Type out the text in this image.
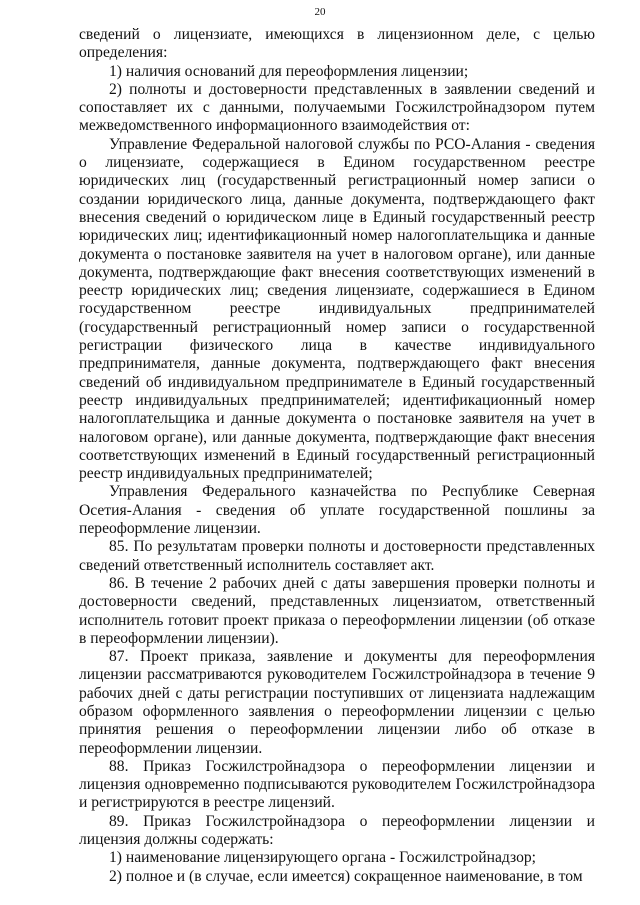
20

сведений о лицензиате, имеющихся в лицензионном деле, с целью определения:

1) наличия оснований для переоформления лицензии;

2) полноты и достоверности представленных в заявлении сведений и сопоставляет их с данными, получаемыми Госжилстройнадзором путем межведомственного информационного взаимодействия от:

Управление Федеральной налоговой службы по РСО-Алания - сведения о лицензиате, содержащиеся в Едином государственном реестре юридических лиц (государственный регистрационный номер записи о создании юридического лица, данные документа, подтверждающего факт внесения сведений о юридическом лице в Единый государственный реестр юридических лиц; идентификационный номер налогоплательщика и данные документа о постановке заявителя на учет в налоговом органе), или данные документа, подтверждающие факт внесения соответствующих изменений в реестр юридических лиц; сведения лицензиате, содержашиеся в Едином государственном реестре индивидуальных предпринимателей (государственный регистрационный номер записи о государственной регистрации физического лица в качестве индивидуального предпринимателя, данные документа, подтверждающего факт внесения сведений об индивидуальном предпринимателе в Единый государственный реестр индивидуальных предпринимателей; идентификационный номер налогоплательщика и данные документа о постановке заявителя на учет в налоговом органе), или данные документа, подтверждающие факт внесения соответствующих изменений в Единый государственный регистрационный реестр индивидуальных предпринимателей;

Управления Федерального казначейства по Республике Северная Осетия-Алания - сведения об уплате государственной пошлины за переоформление лицензии.

85. По результатам проверки полноты и достоверности представленных сведений ответственный исполнитель составляет акт.

86. В течение 2 рабочих дней с даты завершения проверки полноты и достоверности сведений, представленных лицензиатом, ответственный исполнитель готовит проект приказа о переоформлении лицензии (об отказе в переоформлении лицензии).

87. Проект приказа, заявление и документы для переоформления лицензии рассматриваются руководителем Госжилстройнадзора в течение 9 рабочих дней с даты регистрации поступивших от лицензиата надлежащим образом оформленного заявления о переоформлении лицензии с целью принятия решения о переоформлении лицензии либо об отказе в переоформлении лицензии.

88. Приказ Госжилстройнадзора о переоформлении лицензии и лицензия одновременно подписываются руководителем Госжилстройнадзора и регистрируются в реестре лицензий.

89. Приказ Госжилстройнадзора о переоформлении лицензии и лицензия должны содержать:

1) наименование лицензирующего органа - Госжилстройнадзор;

2) полное и (в случае, если имеется) сокращенное наименование, в том
